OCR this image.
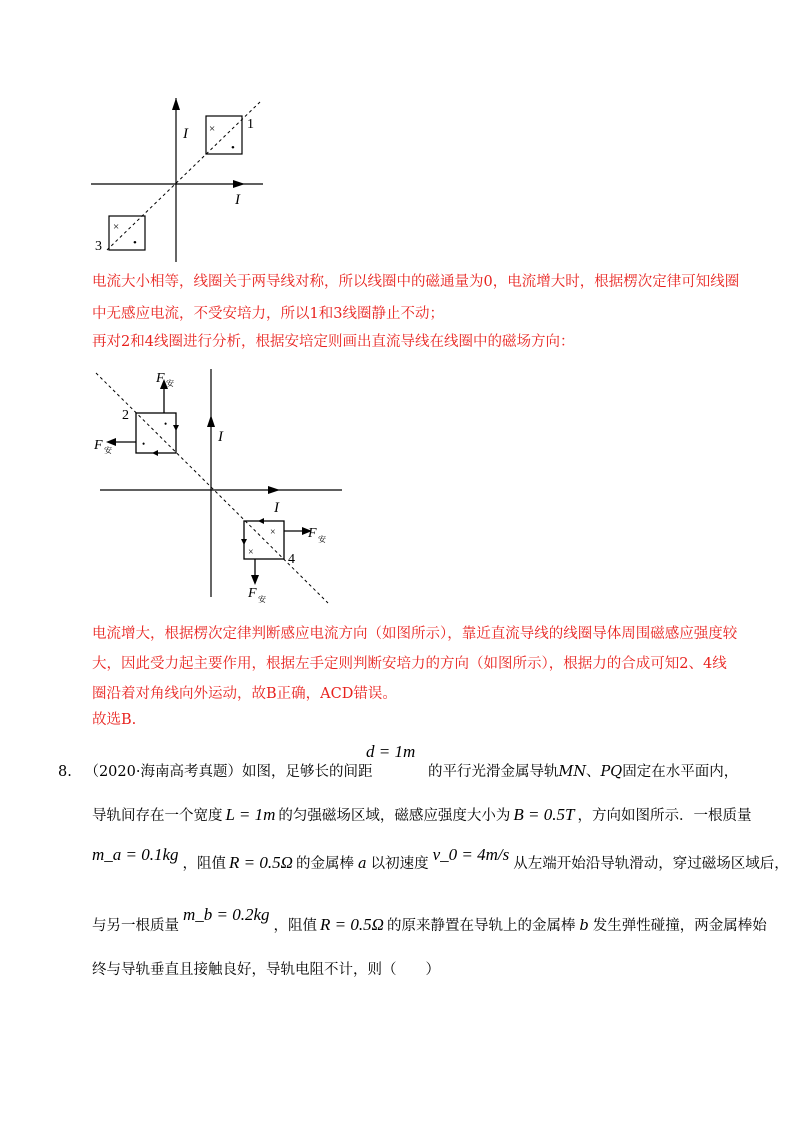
×
•
1
×
•
3
I
I
电流大小相等，线圈关于两导线对称，所以线圈中的磁通量为0，电流增大时，根据楞次定律可知线圈
中无感应电流，不受安培力，所以1和3线圈静止不动；
再对2和4线圈进行分析，根据安培定则画出直流导线在线圈中的磁场方向：
I
I
2
•
•
F 安
F 安
4
×
×
F 安
F 安
电流增大，根据楞次定律判断感应电流方向（如图所示），靠近直流导线的线圈导体周围磁感应强度较
大，因此受力起主要作用，根据左手定则判断安培力的方向（如图所示），根据力的合成可知2、4线
圈沿着对角线向外运动，故B正确，ACD错误。
故选B.
8. （2020·海南高考真题）如图，足够长的间距
d = 1m
的平行光滑金属导轨MN、PQ固定在水平面内，
导轨间存在一个宽度 L = 1m 的匀强磁场区域，磁感应强度大小为 B = 0.5T ，方向如图所示．一根质量
m_a = 0.1kg ，阻值 R = 0.5Ω 的金属棒 a 以初速度 v_0 = 4m/s 从左端开始沿导轨滑动，穿过磁场区域后，
与另一根质量m_b = 0.2kg，阻值 R = 0.5Ω 的原来静置在导轨上的金属棒 b 发生弹性碰撞，两金属棒始
终与导轨垂直且接触良好，导轨电阻不计，则（　　）
